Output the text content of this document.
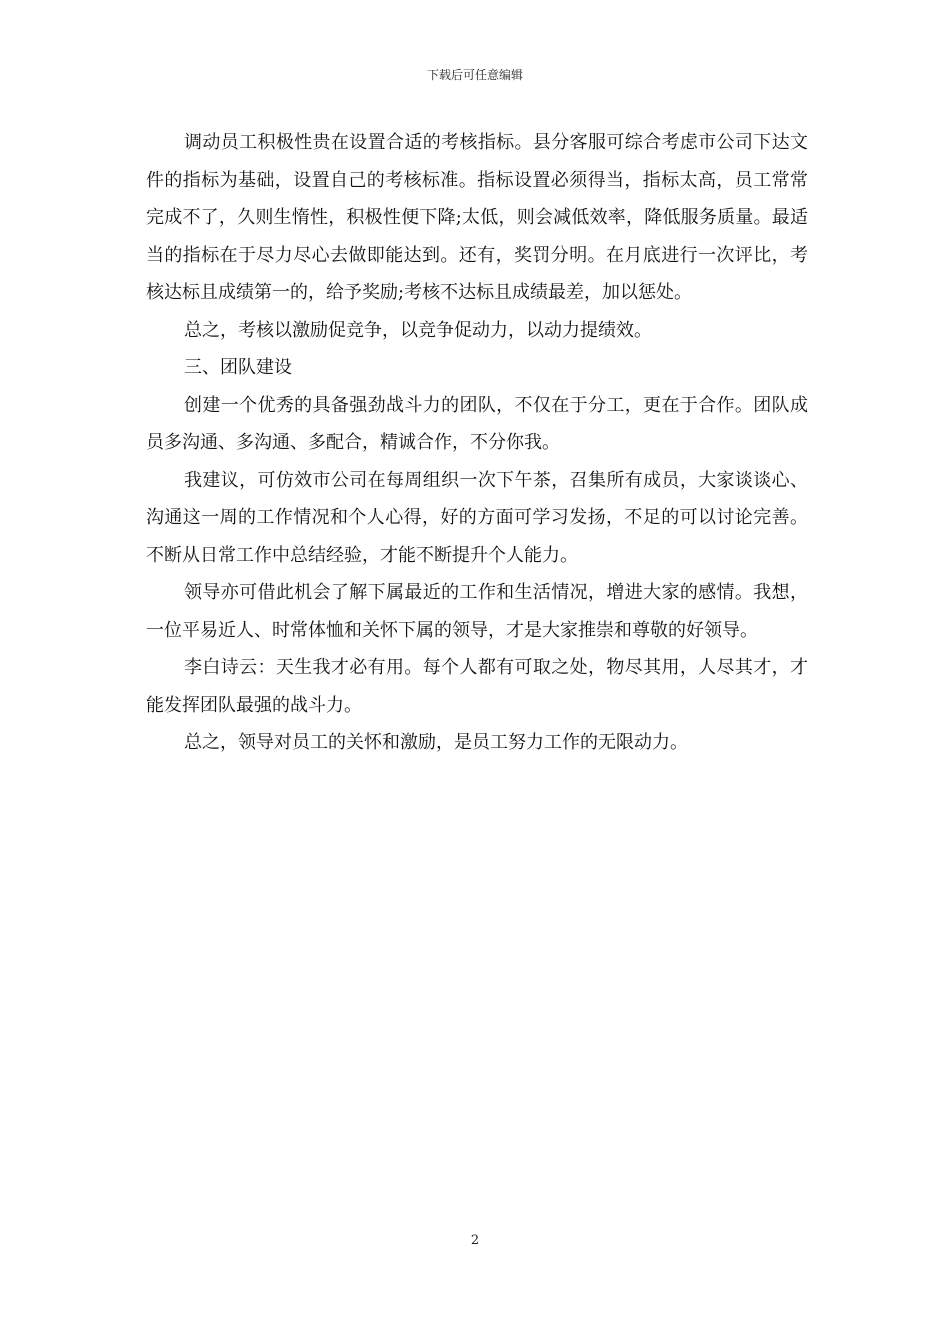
下载后可任意编辑

调动员工积极性贵在设置合适的考核指标。县分客服可综合考虑市公司下达文件的指标为基础，设置自己的考核标准。指标设置必须得当，指标太高，员工常常完成不了，久则生惰性，积极性便下降;太低，则会减低效率，降低服务质量。最适当的指标在于尽力尽心去做即能达到。还有，奖罚分明。在月底进行一次评比，考核达标且成绩第一的，给予奖励;考核不达标且成绩最差，加以惩处。

总之，考核以激励促竞争，以竞争促动力，以动力提绩效。

三、团队建设

创建一个优秀的具备强劲战斗力的团队，不仅在于分工，更在于合作。团队成员多沟通、多沟通、多配合，精诚合作，不分你我。

我建议，可仿效市公司在每周组织一次下午茶，召集所有成员，大家谈谈心、沟通这一周的工作情况和个人心得，好的方面可学习发扬，不足的可以讨论完善。不断从日常工作中总结经验，才能不断提升个人能力。

领导亦可借此机会了解下属最近的工作和生活情况，增进大家的感情。我想，一位平易近人、时常体恤和关怀下属的领导，才是大家推崇和尊敬的好领导。

李白诗云：天生我才必有用。每个人都有可取之处，物尽其用，人尽其才，才能发挥团队最强的战斗力。

总之，领导对员工的关怀和激励，是员工努力工作的无限动力。

2
